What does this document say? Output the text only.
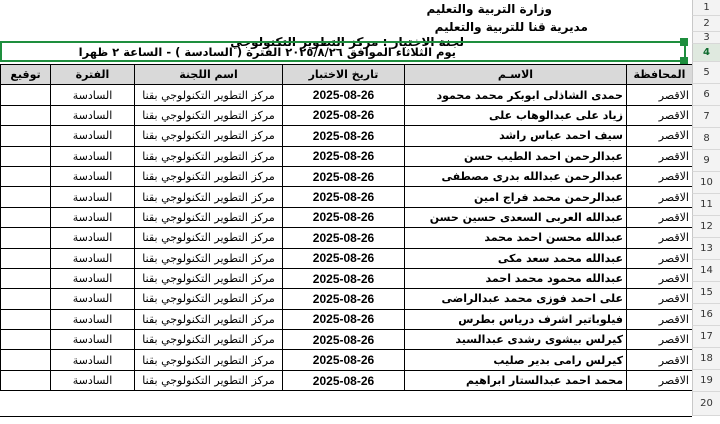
وزارة التربية والتعليم
مديرية قنا للتربية والتعليم
لجنة الاختبار : مركز التطوير التكنولوجي
يوم الثلاثاء الموافق ٢٠٢٥/٨/٢٦ الفترة ( السادسة ) - الساعة ٢ ظهرا
المحافظة	الاسـم	تاريخ الاختبار	اسم اللجنة	الفترة	توقيع
الاقصر	حمدى الشاذلى ابوبكر محمد محمود	2025-08-26	مركز التطوير التكنولوجي بقنا	السادسة	
الاقصر	زياد على عبدالوهاب على	2025-08-26	مركز التطوير التكنولوجي بقنا	السادسة	
الاقصر	سيف احمد عباس راشد	2025-08-26	مركز التطوير التكنولوجي بقنا	السادسة	
الاقصر	عبدالرحمن احمد الطيب حسن	2025-08-26	مركز التطوير التكنولوجي بقنا	السادسة	
الاقصر	عبدالرحمن عبدالله بدرى مصطفى	2025-08-26	مركز التطوير التكنولوجي بقنا	السادسة	
الاقصر	عبدالرحمن محمد فراج امين	2025-08-26	مركز التطوير التكنولوجي بقنا	السادسة	
الاقصر	عبدالله العربى السعدى حسين حسن	2025-08-26	مركز التطوير التكنولوجي بقنا	السادسة	
الاقصر	عبدالله محسن احمد محمد	2025-08-26	مركز التطوير التكنولوجي بقنا	السادسة	
الاقصر	عبدالله محمد سعد مكى	2025-08-26	مركز التطوير التكنولوجي بقنا	السادسة	
الاقصر	عبدالله محمود محمد احمد	2025-08-26	مركز التطوير التكنولوجي بقنا	السادسة	
الاقصر	على احمد فوزى محمد عبدالراضى	2025-08-26	مركز التطوير التكنولوجي بقنا	السادسة	
الاقصر	فيلوباتير اشرف درياس بطرس	2025-08-26	مركز التطوير التكنولوجي بقنا	السادسة	
الاقصر	كيرلس بيشوى رشدى عبدالسيد	2025-08-26	مركز التطوير التكنولوجي بقنا	السادسة	
الاقصر	كيرلس رامى بدير صليب	2025-08-26	مركز التطوير التكنولوجي بقنا	السادسة	
الاقصر	محمد احمد عبدالستار ابراهيم	2025-08-26	مركز التطوير التكنولوجي بقنا	السادسة	
1
2
3
4
5
6
7
8
9
10
11
12
13
14
15
16
17
18
19
20
